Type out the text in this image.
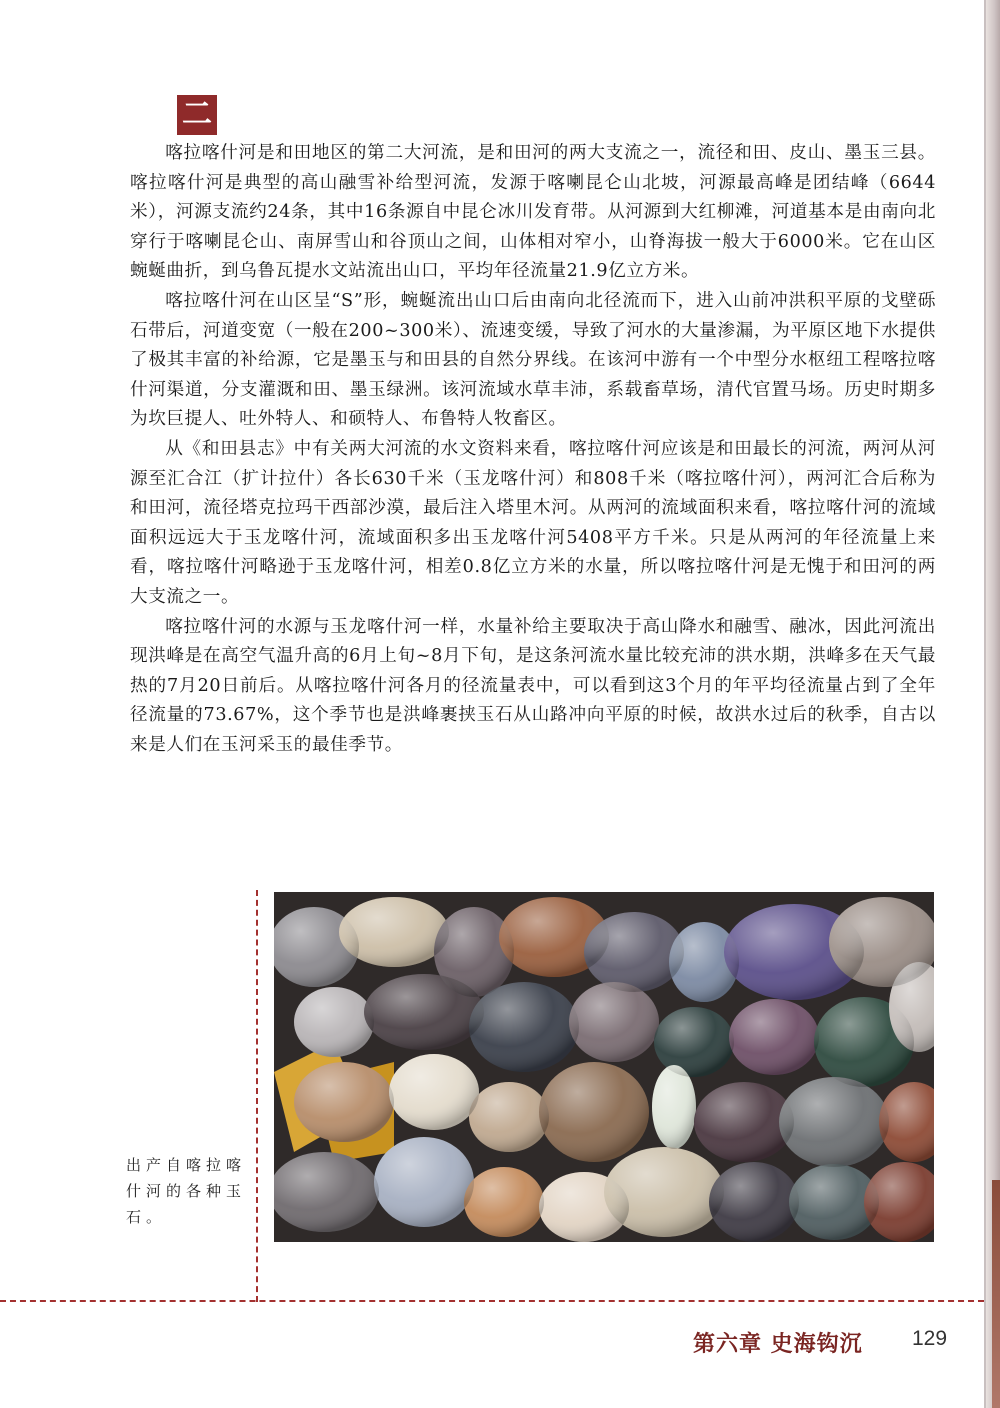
二

喀拉喀什河是和田地区的第二大河流，是和田河的两大支流之一，流径和田、皮山、墨玉三县。喀拉喀什河是典型的高山融雪补给型河流，发源于喀喇昆仑山北坡，河源最高峰是团结峰（6644米），河源支流约24条，其中16条源自中昆仑冰川发育带。从河源到大红柳滩，河道基本是由南向北穿行于喀喇昆仑山、南屏雪山和谷顶山之间，山体相对窄小，山脊海拔一般大于6000米。它在山区蜿蜒曲折，到乌鲁瓦提水文站流出山口，平均年径流量21.9亿立方米。

喀拉喀什河在山区呈“S”形，蜿蜒流出山口后由南向北径流而下，进入山前冲洪积平原的戈壁砾石带后，河道变宽（一般在200~300米）、流速变缓，导致了河水的大量渗漏，为平原区地下水提供了极其丰富的补给源，它是墨玉与和田县的自然分界线。在该河中游有一个中型分水枢纽工程喀拉喀什河渠道，分支灌溉和田、墨玉绿洲。该河流域水草丰沛，系载畜草场，清代官置马场。历史时期多为坎巨提人、吐外特人、和硕特人、布鲁特人牧畜区。

从《和田县志》中有关两大河流的水文资料来看，喀拉喀什河应该是和田最长的河流，两河从河源至汇合江（扩计拉什）各长630千米（玉龙喀什河）和808千米（喀拉喀什河），两河汇合后称为和田河，流径塔克拉玛干西部沙漠，最后注入塔里木河。从两河的流域面积来看，喀拉喀什河的流域面积远远大于玉龙喀什河，流域面积多出玉龙喀什河5408平方千米。只是从两河的年径流量上来看，喀拉喀什河略逊于玉龙喀什河，相差0.8亿立方米的水量，所以喀拉喀什河是无愧于和田河的两大支流之一。

喀拉喀什河的水源与玉龙喀什河一样，水量补给主要取决于高山降水和融雪、融冰，因此河流出现洪峰是在高空气温升高的6月上旬~8月下旬，是这条河流水量比较充沛的洪水期，洪峰多在天气最热的7月20日前后。从喀拉喀什河各月的径流量表中，可以看到这3个月的年平均径流量占到了全年径流量的73.67%，这个季节也是洪峰裹挟玉石从山路冲向平原的时候，故洪水过后的秋季，自古以来是人们在玉河采玉的最佳季节。

出产自喀拉喀什河的各种玉石。
第六章 史海钩沉 129
